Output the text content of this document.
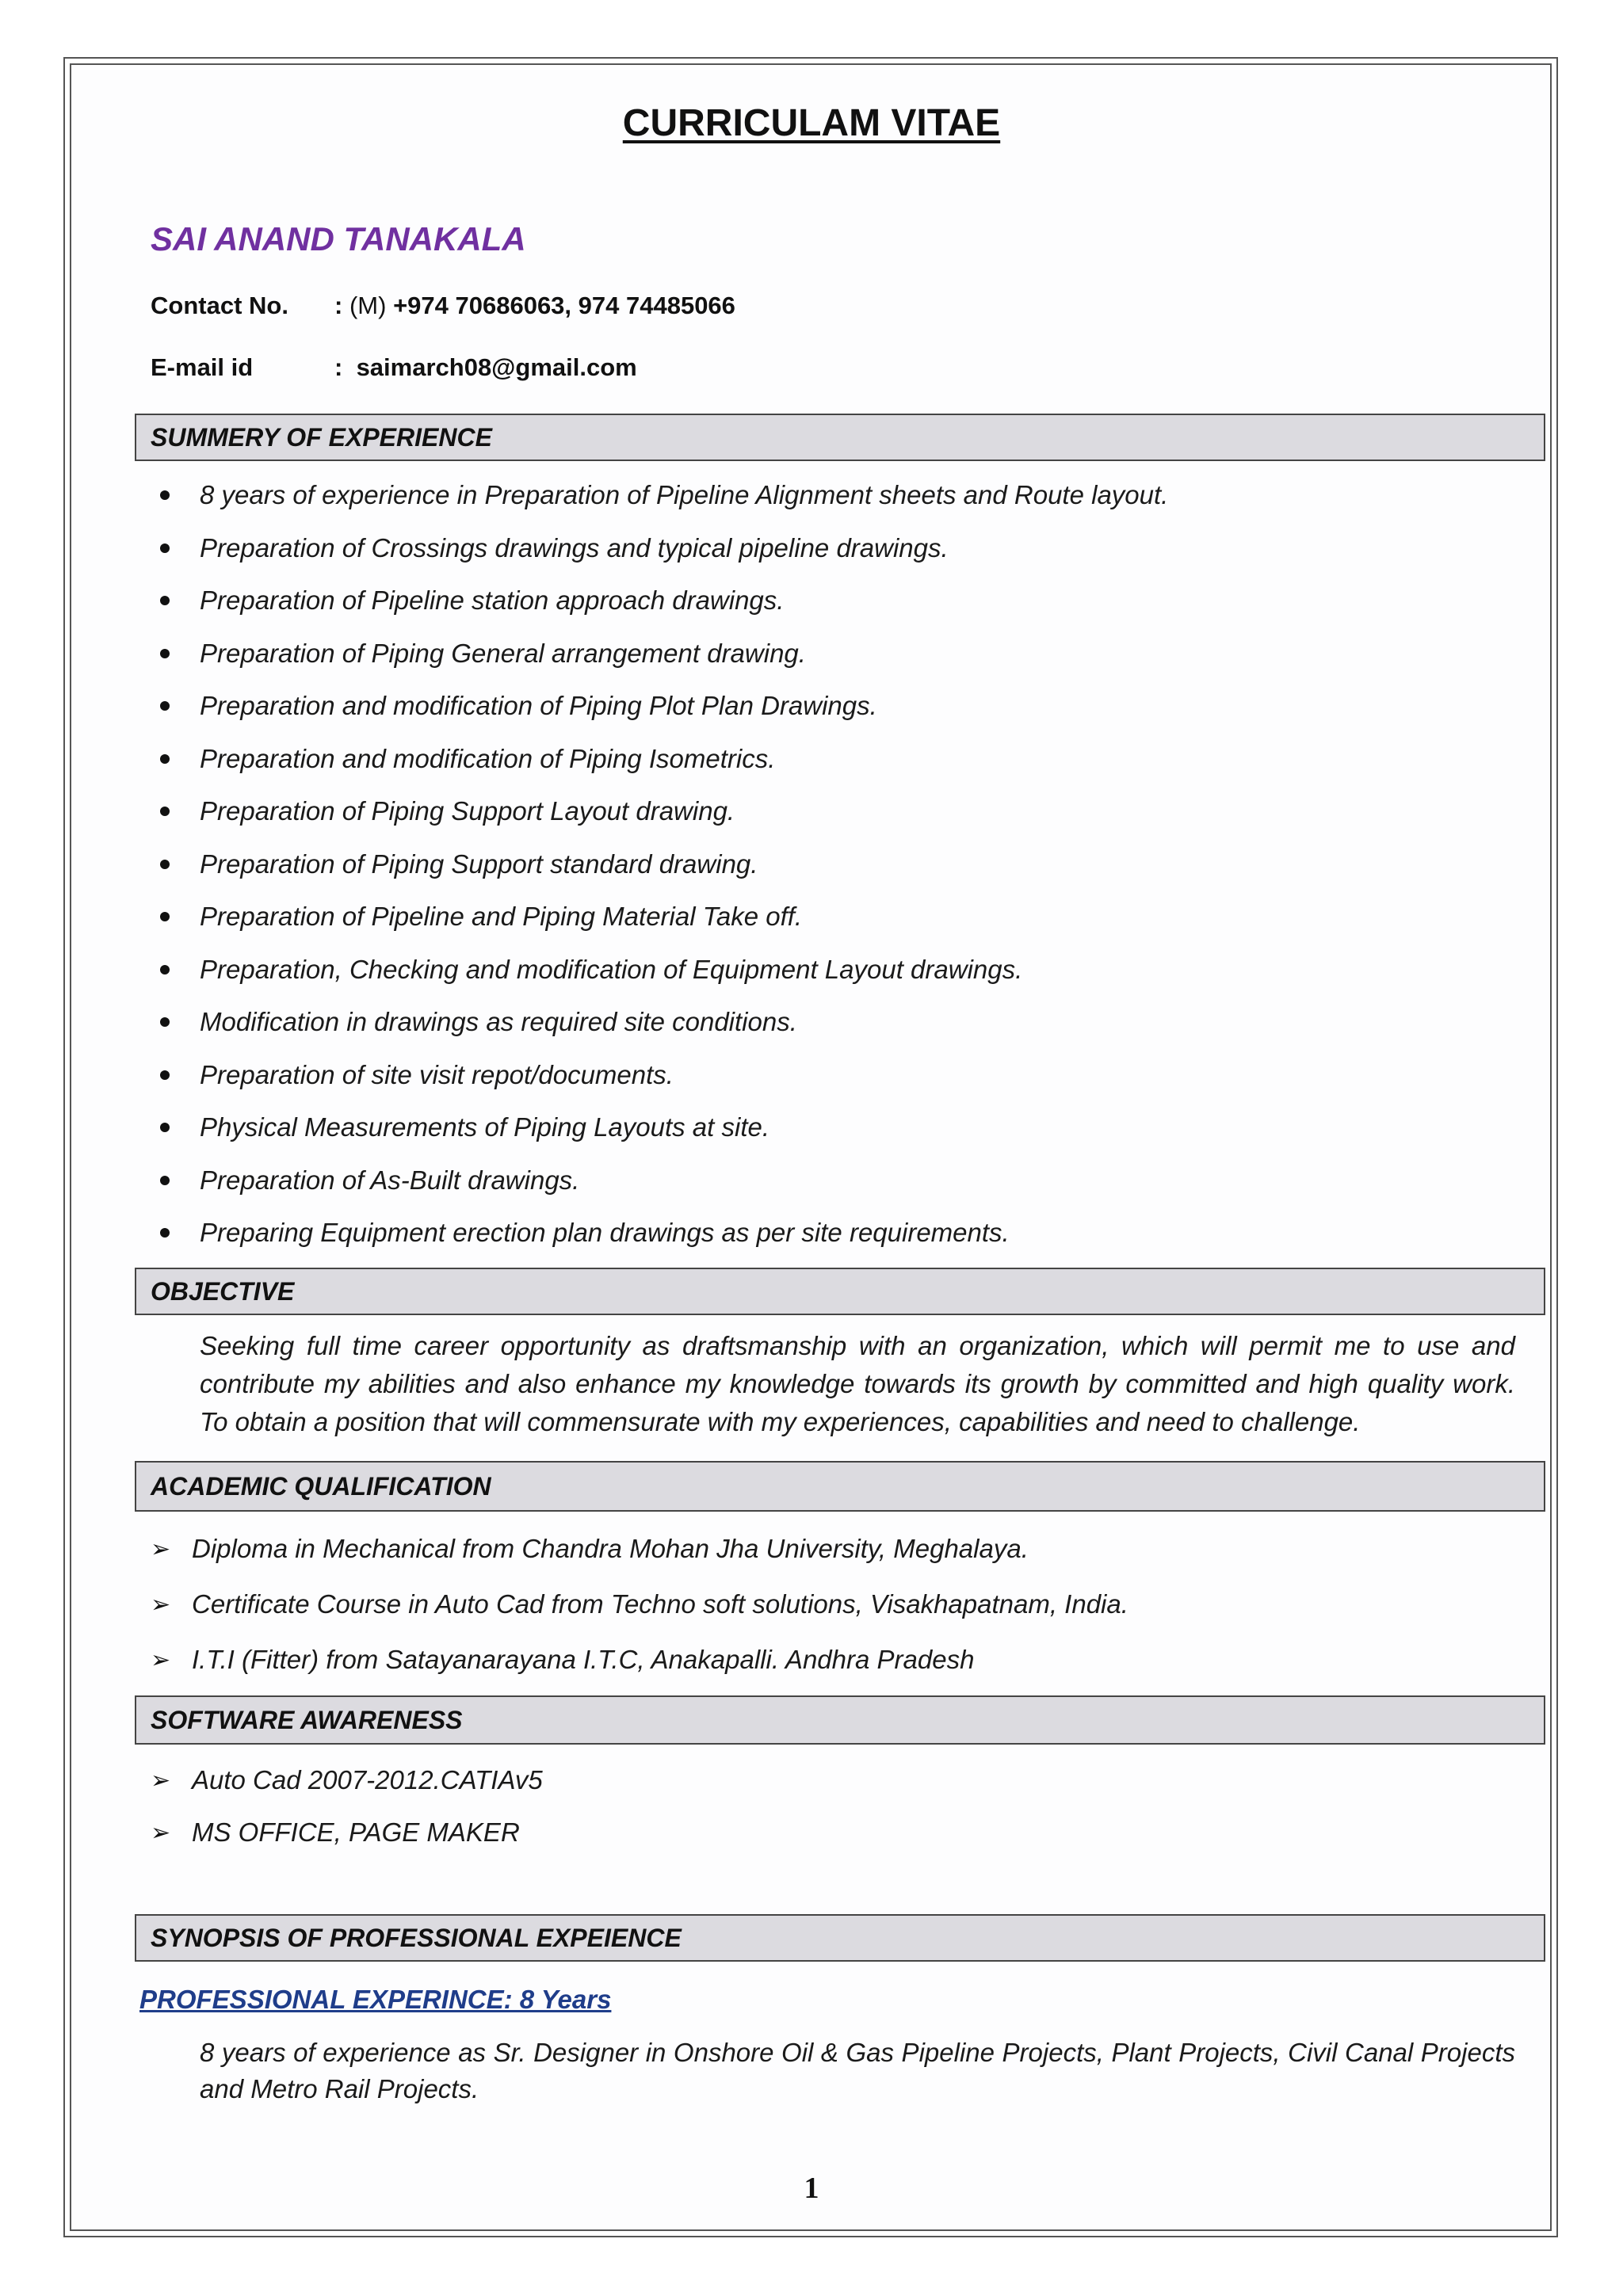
CURRICULAM VITAE
SAI ANAND TANAKALA
Contact No. : (M) +974 70686063, 974 74485066
E-mail id	: saimarch08@gmail.com
SUMMERY OF EXPERIENCE
8 years of experience in Preparation of Pipeline Alignment sheets and Route layout.
Preparation of Crossings drawings and typical pipeline drawings.
Preparation of Pipeline station approach drawings.
Preparation of Piping General arrangement drawing.
Preparation and modification of Piping Plot Plan Drawings.
Preparation and modification of Piping Isometrics.
Preparation of Piping Support Layout drawing.
Preparation of Piping Support standard drawing.
Preparation of Pipeline and Piping Material Take off.
Preparation, Checking and modification of Equipment Layout drawings.
Modification in drawings as required site conditions.
Preparation of site visit repot/documents.
Physical Measurements of Piping Layouts at site.
Preparation of As-Built drawings.
Preparing Equipment erection plan drawings as per site requirements.
OBJECTIVE
Seeking full time career opportunity as draftsmanship with an organization, which will permit me to use and contribute my abilities and also enhance my knowledge towards its growth by committed and high quality work. To obtain a position that will commensurate with my experiences, capabilities and need to challenge.
ACADEMIC QUALIFICATION
➢ Diploma in Mechanical from Chandra Mohan Jha University, Meghalaya.
➢ Certificate Course in Auto Cad from Techno soft solutions, Visakhapatnam, India.
➢ I.T.I (Fitter) from Satayanarayana I.T.C, Anakapalli. Andhra Pradesh
SOFTWARE AWARENESS
➢ Auto Cad 2007-2012.CATIAv5
➢ MS OFFICE, PAGE MAKER
SYNOPSIS OF PROFESSIONAL EXPEIENCE
PROFESSIONAL EXPERINCE: 8 Years
8 years of experience as Sr. Designer in Onshore Oil & Gas Pipeline Projects, Plant Projects, Civil Canal Projects and Metro Rail Projects.
1
